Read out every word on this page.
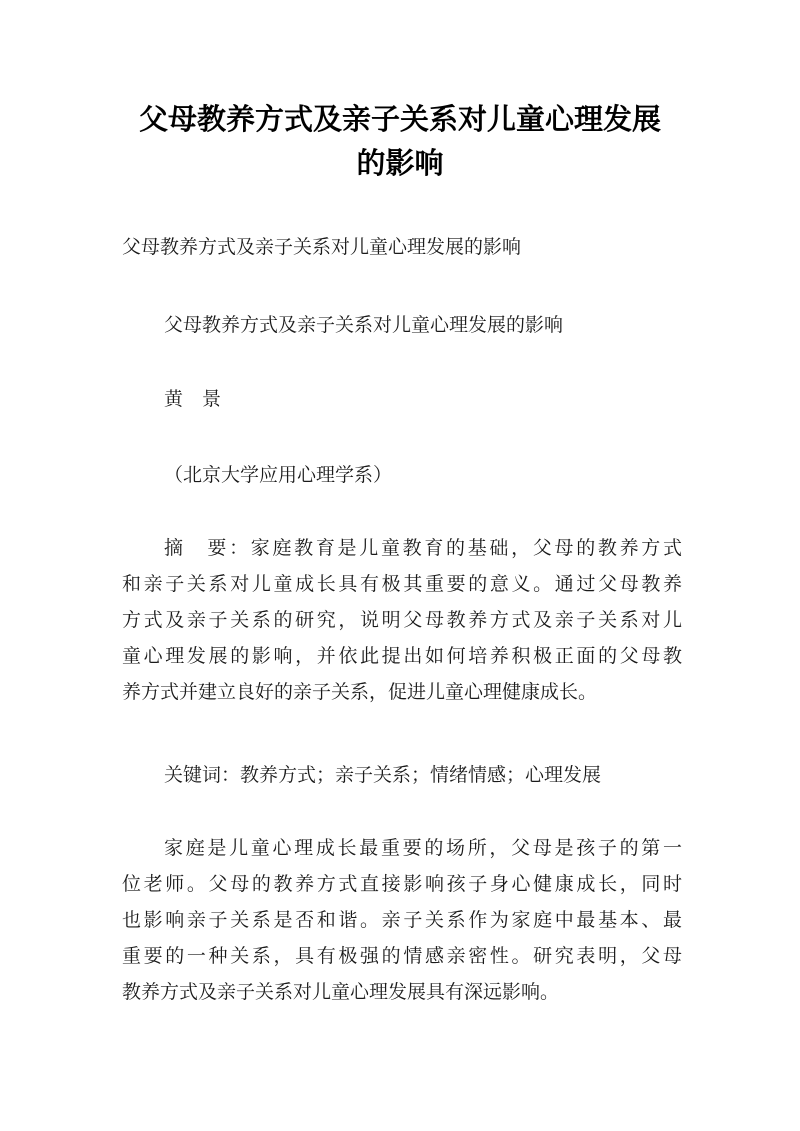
父母教养方式及亲子关系对儿童心理发展
的影响

父母教养方式及亲子关系对儿童心理发展的影响

父母教养方式及亲子关系对儿童心理发展的影响

黄　景

（北京大学应用心理学系）

摘　要：家庭教育是儿童教育的基础，父母的教养方式
和亲子关系对儿童成长具有极其重要的意义。通过父母教养
方式及亲子关系的研究，说明父母教养方式及亲子关系对儿
童心理发展的影响，并依此提出如何培养积极正面的父母教
养方式并建立良好的亲子关系，促进儿童心理健康成长。

关键词：教养方式；亲子关系；情绪情感；心理发展

家庭是儿童心理成长最重要的场所，父母是孩子的第一
位老师。父母的教养方式直接影响孩子身心健康成长，同时
也影响亲子关系是否和谐。亲子关系作为家庭中最基本、最
重要的一种关系，具有极强的情感亲密性。研究表明，父母
教养方式及亲子关系对儿童心理发展具有深远影响。
